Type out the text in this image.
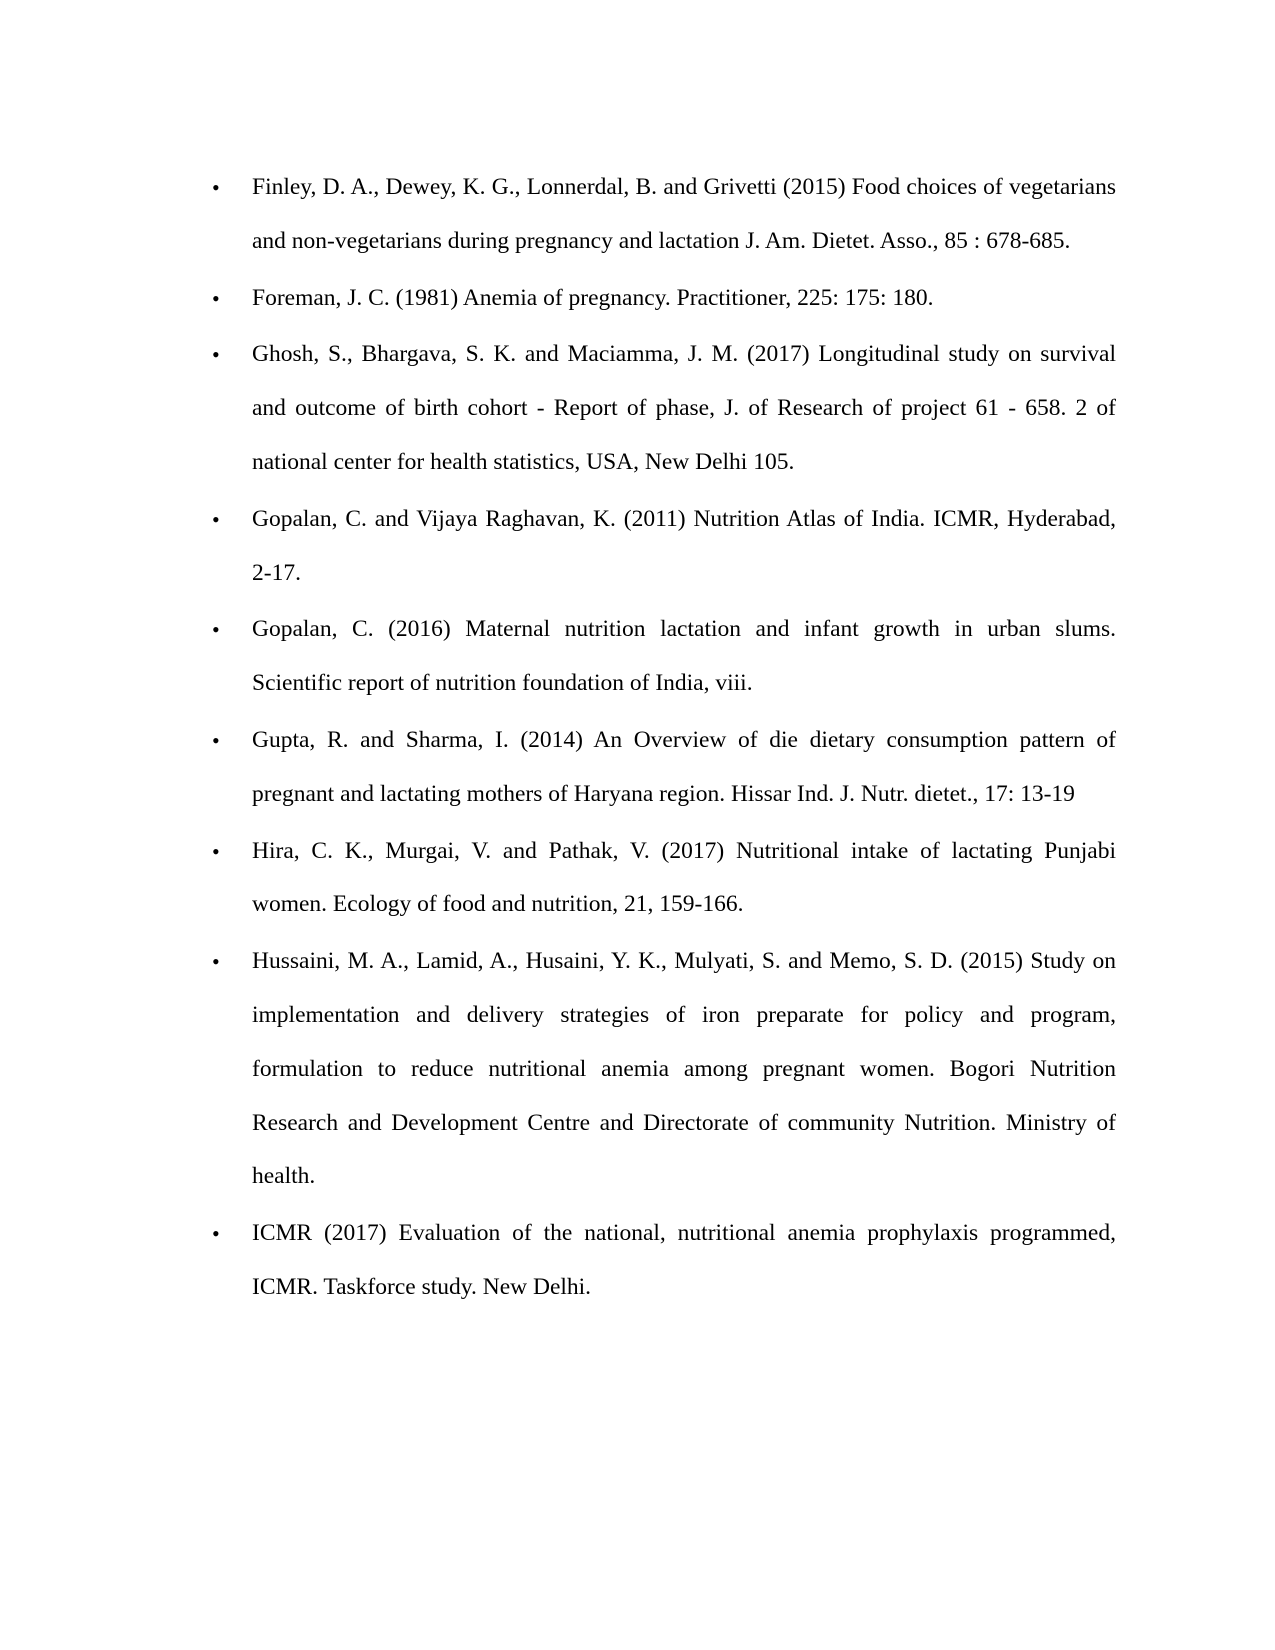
•	Finley, D. A., Dewey, K. G., Lonnerdal, B. and Grivetti (2015) Food choices of vegetarians and non-vegetarians during pregnancy and lactation J. Am. Dietet. Asso., 85 : 678-685.
•	Foreman, J. C. (1981) Anemia of pregnancy. Practitioner, 225: 175: 180.
•	Ghosh, S., Bhargava, S. K. and Maciamma, J. M. (2017) Longitudinal study on survival and outcome of birth cohort - Report of phase, J. of Research of project 61 - 658. 2 of national center for health statistics, USA, New Delhi 105.
•	Gopalan, C. and Vijaya Raghavan, K. (2011) Nutrition Atlas of India. ICMR, Hyderabad, 2-17.
•	Gopalan, C. (2016) Maternal nutrition lactation and infant growth in urban slums. Scientific report of nutrition foundation of India, viii.
•	Gupta, R. and Sharma, I. (2014) An Overview of die dietary consumption pattern of pregnant and lactating mothers of Haryana region. Hissar Ind. J. Nutr. dietet., 17: 13-19
•	Hira, C. K., Murgai, V. and Pathak, V. (2017) Nutritional intake of lactating Punjabi women. Ecology of food and nutrition, 21, 159-166.
•	Hussaini, M. A., Lamid, A., Husaini, Y. K., Mulyati, S. and Memo, S. D. (2015) Study on implementation and delivery strategies of iron preparate for policy and program, formulation to reduce nutritional anemia among pregnant women. Bogori Nutrition Research and Development Centre and Directorate of community Nutrition. Ministry of health.
•	ICMR (2017) Evaluation of the national, nutritional anemia prophylaxis programmed, ICMR. Taskforce study. New Delhi.
